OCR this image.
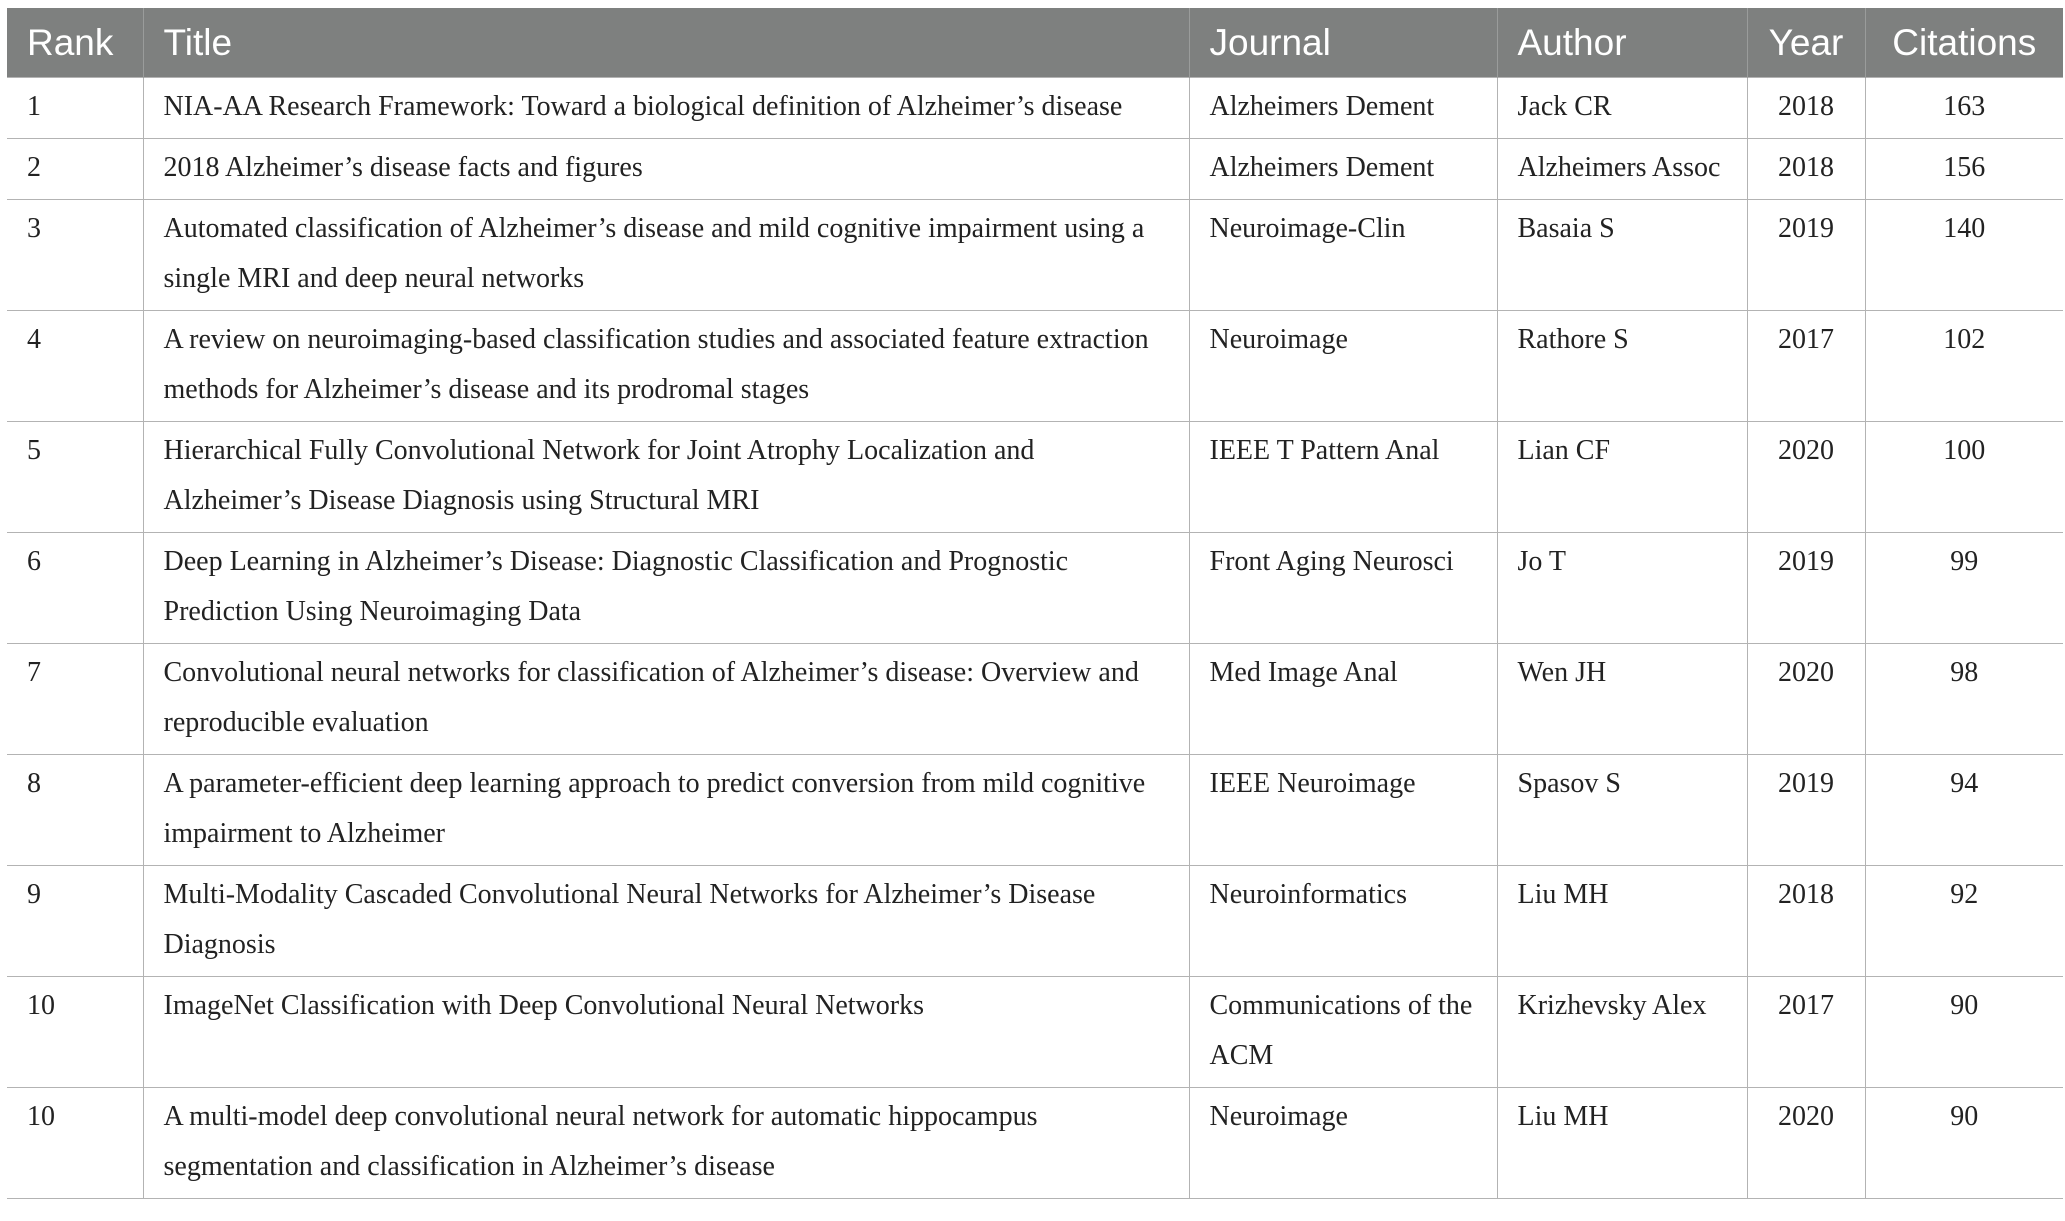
Rank	Title	Journal	Author	Year	Citations
1	NIA-AA Research Framework: Toward a biological definition of Alzheimer’s disease	Alzheimers Dement	Jack CR	2018	163
2	2018 Alzheimer’s disease facts and figures	Alzheimers Dement	Alzheimers Assoc	2018	156
3	Automated classification of Alzheimer’s disease and mild cognitive impairment using a single MRI and deep neural networks	Neuroimage-Clin	Basaia S	2019	140
4	A review on neuroimaging-based classification studies and associated feature extraction methods for Alzheimer’s disease and its prodromal stages	Neuroimage	Rathore S	2017	102
5	Hierarchical Fully Convolutional Network for Joint Atrophy Localization and Alzheimer’s Disease Diagnosis using Structural MRI	IEEE T Pattern Anal	Lian CF	2020	100
6	Deep Learning in Alzheimer’s Disease: Diagnostic Classification and Prognostic Prediction Using Neuroimaging Data	Front Aging Neurosci	Jo T	2019	99
7	Convolutional neural networks for classification of Alzheimer’s disease: Overview and reproducible evaluation	Med Image Anal	Wen JH	2020	98
8	A parameter-efficient deep learning approach to predict conversion from mild cognitive impairment to Alzheimer	IEEE Neuroimage	Spasov S	2019	94
9	Multi-Modality Cascaded Convolutional Neural Networks for Alzheimer’s Disease Diagnosis	Neuroinformatics	Liu MH	2018	92
10	ImageNet Classification with Deep Convolutional Neural Networks	Communications of the ACM	Krizhevsky Alex	2017	90
10	A multi-model deep convolutional neural network for automatic hippocampus segmentation and classification in Alzheimer’s disease	Neuroimage	Liu MH	2020	90
